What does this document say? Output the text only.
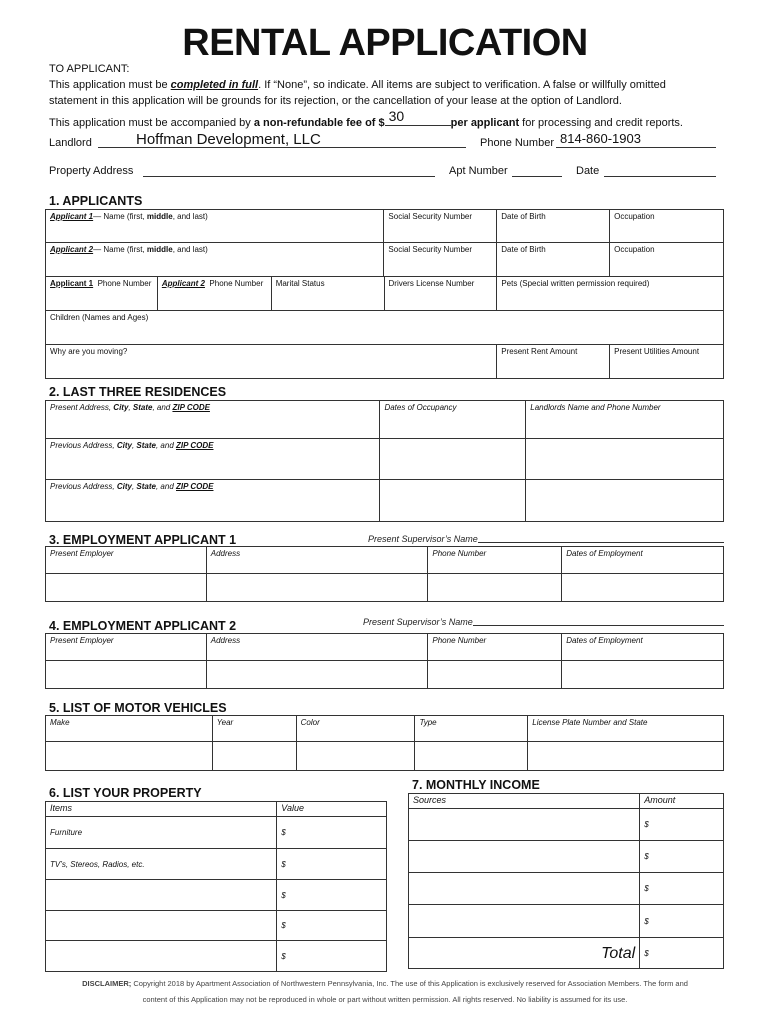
RENTAL APPLICATION
TO APPLICANT:
This application must be completed in full. If “None”, so indicate. All items are subject to verification. A false or willfully omitted
statement in this application will be grounds for its rejection, or the cancellation of your lease at the option of Landlord.
This application must be accompanied by a non-refundable fee of $ 30	per applicant for processing and credit reports.
Landlord	Hoffman Development, LLC	Phone Number 814-860-1903
Property Address	Apt Number	Date
1. APPLICANTS
Applicant 1— Name (first, middle, and last)	Social Security Number	Date of Birth	Occupation
Applicant 2— Name (first, middle, and last)	Social Security Number	Date of Birth	Occupation
Applicant 1 Phone Number	Applicant 2 Phone Number	Marital Status	Drivers License Number	Pets (Special written permission required)
Children (Names and Ages)
Why are you moving?	Present Rent Amount	Present Utilities Amount
2. LAST THREE RESIDENCES
Present Address, City, State, and ZIP CODE	Dates of Occupancy	Landlords Name and Phone Number
Previous Address, City, State, and ZIP CODE		
Previous Address, City, State, and ZIP CODE		
3. EMPLOYMENT APPLICANT 1	Present Supervisor’s Name
Present Employer	Address	Phone Number	Dates of Employment

4. EMPLOYMENT APPLICANT 2	Present Supervisor’s Name
Present Employer	Address	Phone Number	Dates of Employment

5. LIST OF MOTOR VEHICLES
Make	Year	Color	Type	License Plate Number and State

6. LIST YOUR PROPERTY
Items	Value
Furniture	$
TV’s, Stereos, Radios, etc.	$
	$
	$
	$
7. MONTHLY INCOME
Sources	Amount
	$
	$
	$
	$
Total	$
DISCLAIMER; Copyright 2018 by Apartment Association of Northwestern Pennsylvania, Inc. The use of this Application is exclusively reserved for Association Members. The form and
content of this Application may not be reproduced in whole or part without written permission. All rights reserved. No liability is assumed for its use.
